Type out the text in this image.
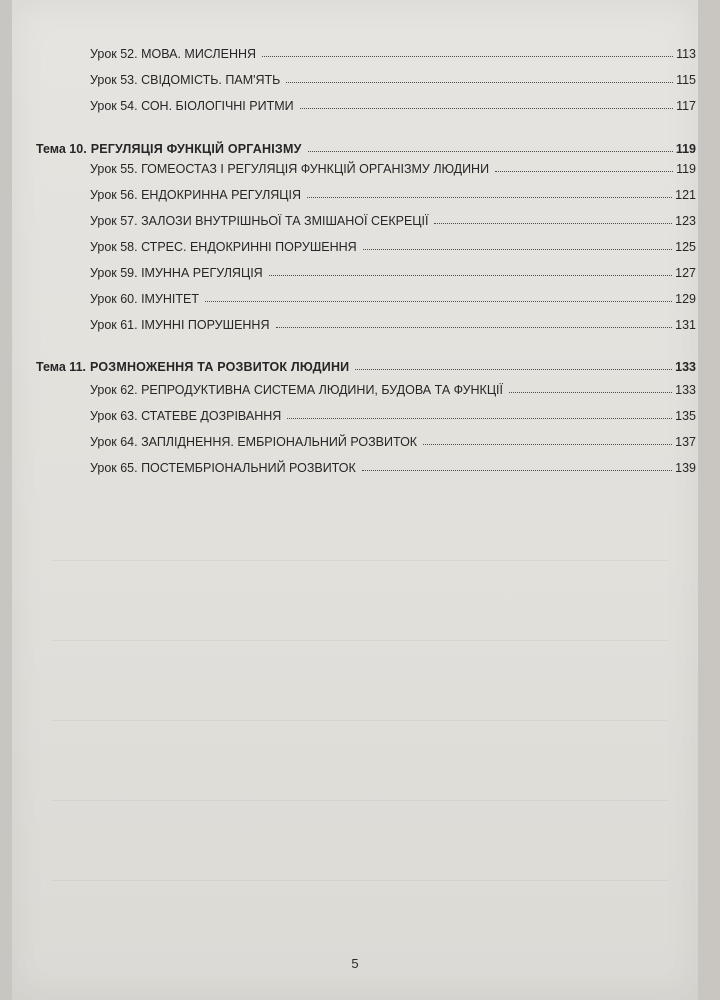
Урок 52. МОВА. МИСЛЕННЯ	113
Урок 53. СВІДОМІСТЬ. ПАМ'ЯТЬ	115
Урок 54. СОН. БІОЛОГІЧНІ РИТМИ	117
Тема 10. РЕГУЛЯЦІЯ ФУНКЦІЙ ОРГАНІЗМУ	119
Урок 55. ГОМЕОСТАЗ І РЕГУЛЯЦІЯ ФУНКЦІЙ ОРГАНІЗМУ ЛЮДИНИ	119
Урок 56. ЕНДОКРИННА РЕГУЛЯЦІЯ	121
Урок 57. ЗАЛОЗИ ВНУТРІШНЬОЇ ТА ЗМІШАНОЇ СЕКРЕЦІЇ	123
Урок 58. СТРЕС. ЕНДОКРИННІ ПОРУШЕННЯ	125
Урок 59. ІМУННА РЕГУЛЯЦІЯ	127
Урок 60. ІМУНІТЕТ	129
Урок 61. ІМУННІ ПОРУШЕННЯ	131
Тема 11. РОЗМНОЖЕННЯ ТА РОЗВИТОК ЛЮДИНИ	133
Урок 62. РЕПРОДУКТИВНА СИСТЕМА ЛЮДИНИ, БУДОВА ТА ФУНКЦІЇ	133
Урок 63. СТАТЕВЕ ДОЗРІВАННЯ	135
Урок 64. ЗАПЛІДНЕННЯ. ЕМБРІОНАЛЬНИЙ РОЗВИТОК	137
Урок 65. ПОСТЕМБРІОНАЛЬНИЙ РОЗВИТОК	139
5
